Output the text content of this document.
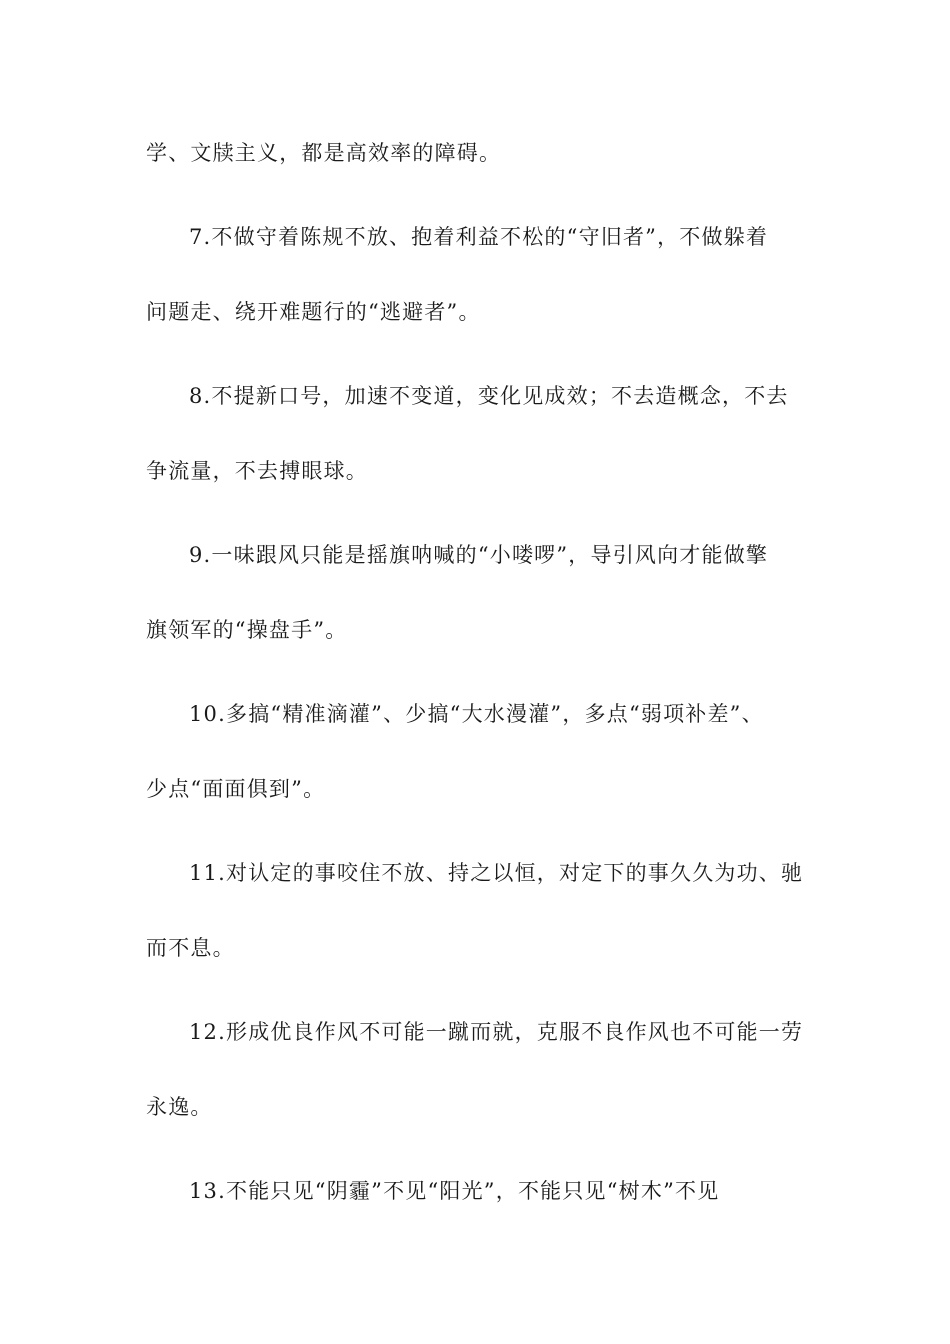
学、文牍主义，都是高效率的障碍。
7.不做守着陈规不放、抱着利益不松的“守旧者”，不做躲着
问题走、绕开难题行的“逃避者”。
8.不提新口号，加速不变道，变化见成效；不去造概念，不去
争流量，不去搏眼球。
9.一味跟风只能是摇旗呐喊的“小喽啰”，导引风向才能做擎
旗领军的“操盘手”。
10.多搞“精准滴灌”、少搞“大水漫灌”，多点“弱项补差”、
少点“面面俱到”。
11.对认定的事咬住不放、持之以恒，对定下的事久久为功、驰
而不息。
12.形成优良作风不可能一蹴而就，克服不良作风也不可能一劳
永逸。
13.不能只见“阴霾”不见“阳光”，不能只见“树木”不见
